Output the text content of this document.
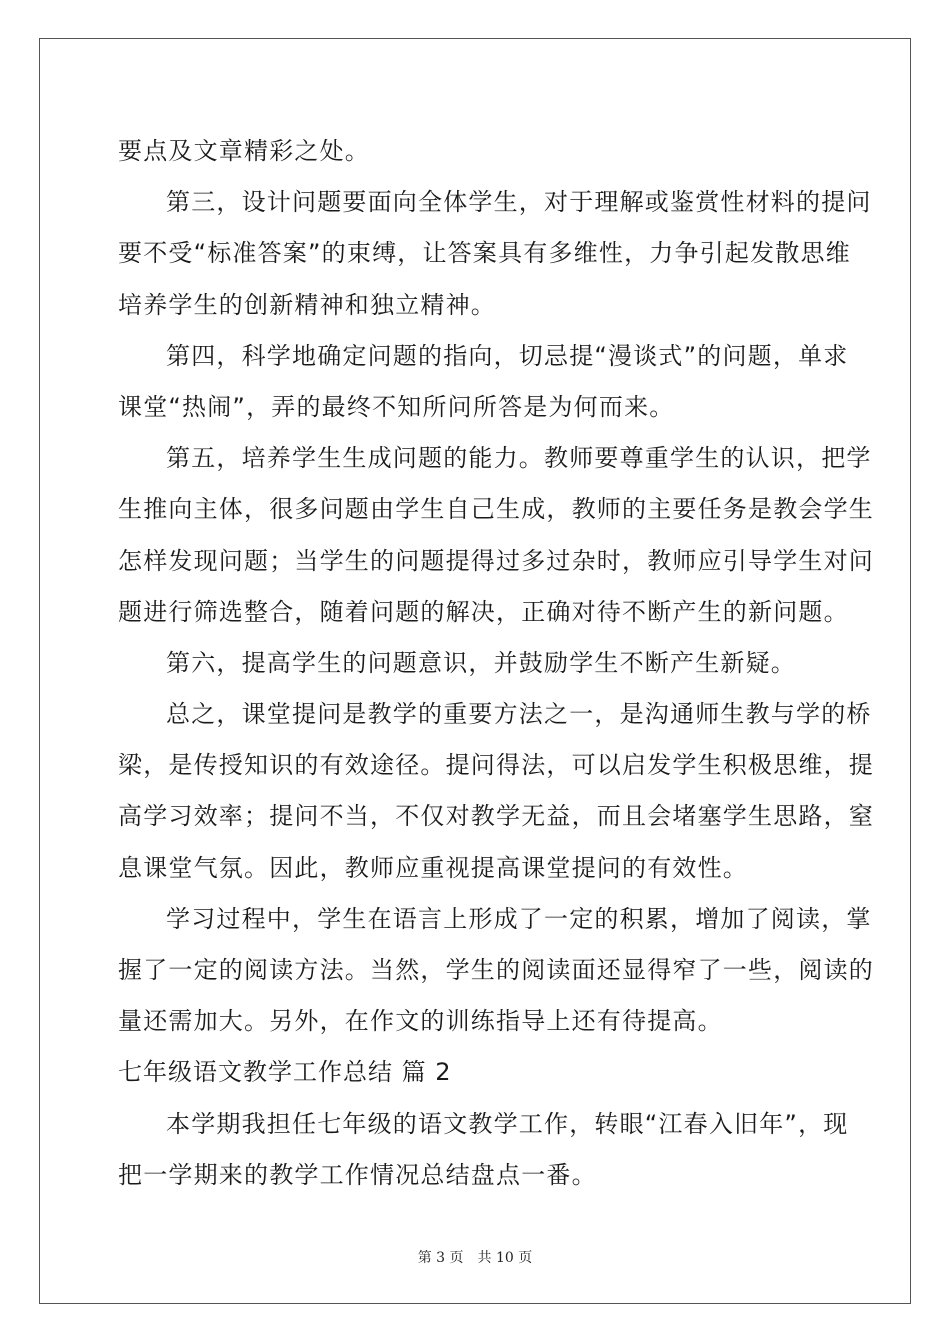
要点及文章精彩之处。
第三，设计问题要面向全体学生，对于理解或鉴赏性材料的提问
要不受“标准答案”的束缚，让答案具有多维性，力争引起发散思维
培养学生的创新精神和独立精神。
第四，科学地确定问题的指向，切忌提“漫谈式”的问题，单求
课堂“热闹”，弄的最终不知所问所答是为何而来。
第五，培养学生生成问题的能力。教师要尊重学生的认识，把学
生推向主体，很多问题由学生自己生成，教师的主要任务是教会学生
怎样发现问题；当学生的问题提得过多过杂时，教师应引导学生对问
题进行筛选整合，随着问题的解决，正确对待不断产生的新问题。
第六，提高学生的问题意识，并鼓励学生不断产生新疑。
总之，课堂提问是教学的重要方法之一，是沟通师生教与学的桥
梁，是传授知识的有效途径。提问得法，可以启发学生积极思维，提
高学习效率；提问不当，不仅对教学无益，而且会堵塞学生思路，窒
息课堂气氛。因此，教师应重视提高课堂提问的有效性。
学习过程中，学生在语言上形成了一定的积累，增加了阅读，掌
握了一定的阅读方法。当然，学生的阅读面还显得窄了一些，阅读的
量还需加大。另外，在作文的训练指导上还有待提高。
七年级语文教学工作总结 篇 2
本学期我担任七年级的语文教学工作，转眼“江春入旧年”，现
把一学期来的教学工作情况总结盘点一番。
第 3 页 共 10 页
